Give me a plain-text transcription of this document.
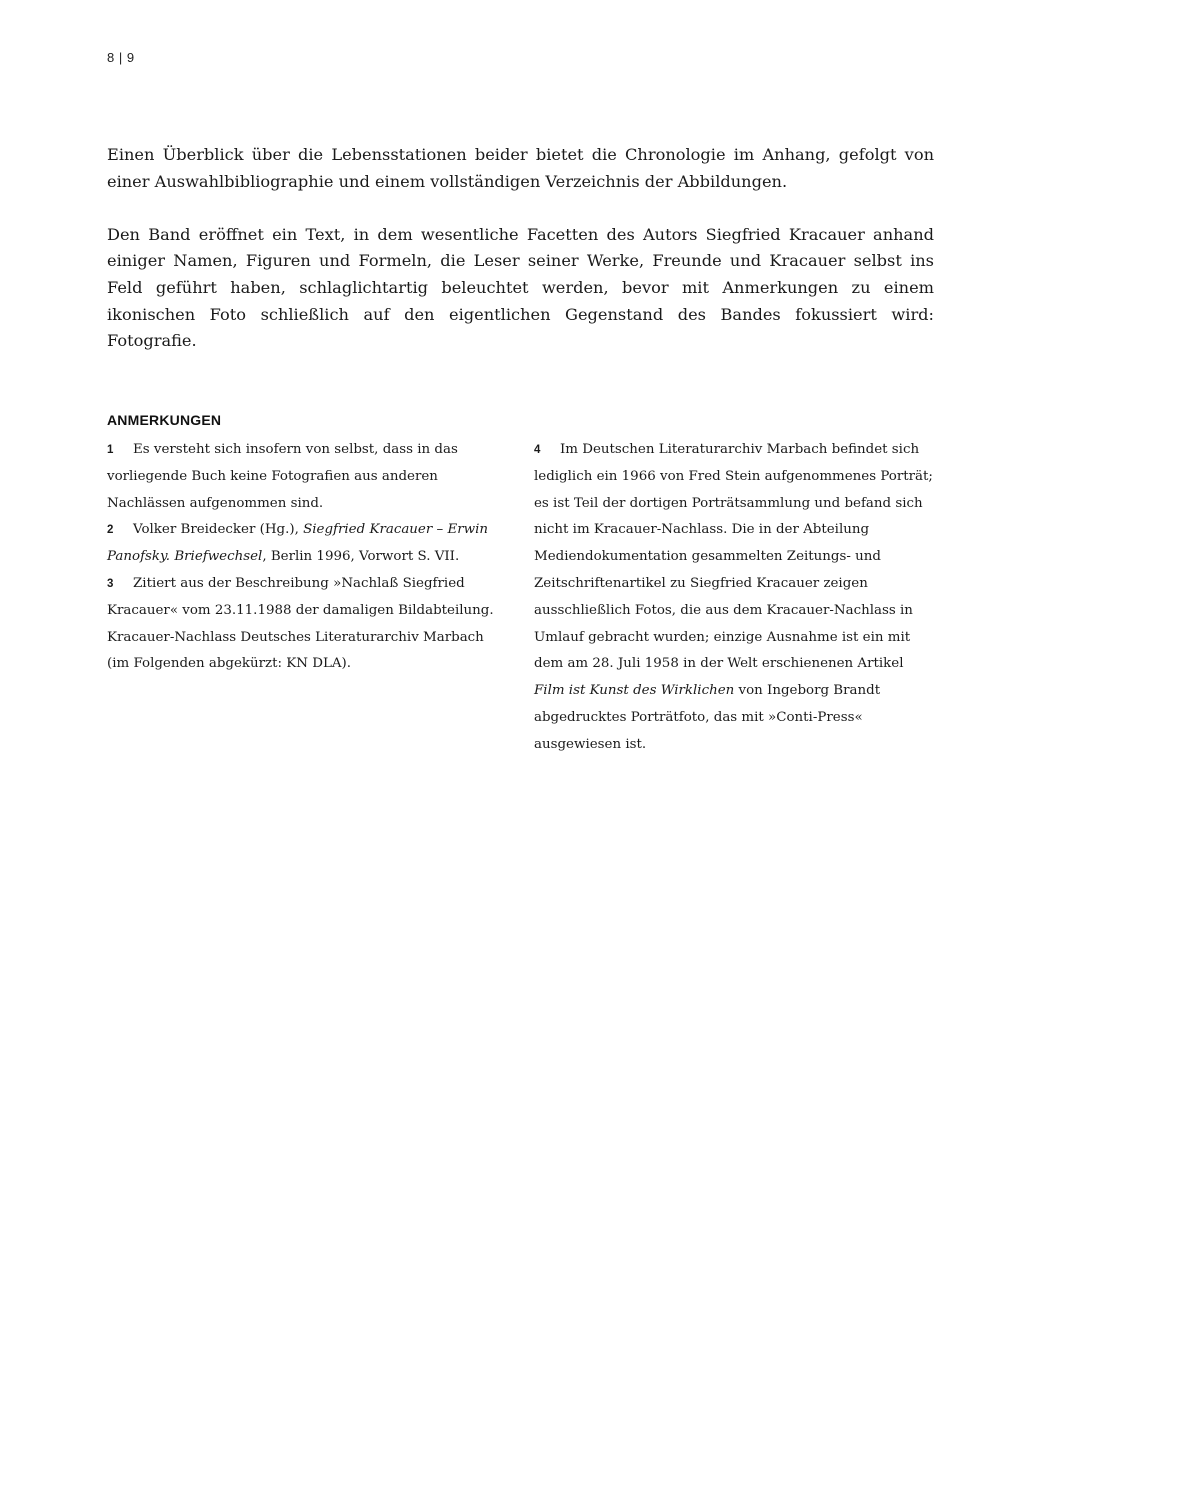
8 | 9

Einen Überblick über die Lebensstationen beider bietet die Chronologie im Anhang, gefolgt von einer Auswahlbibliographie und einem vollständigen Verzeichnis der Abbildungen.

Den Band eröffnet ein Text, in dem wesentliche Facetten des Autors Siegfried Kracauer anhand einiger Namen, Figuren und Formeln, die Leser seiner Werke, Freunde und Kracauer selbst ins Feld geführt haben, schlaglichtartig beleuchtet werden, bevor mit Anmerkungen zu einem ikonischen Foto schließlich auf den eigentlichen Gegenstand des Bandes fokussiert wird: Fotografie.

ANMERKUNGEN

1 Es versteht sich insofern von selbst, dass in das vorliegende Buch keine Fotografien aus anderen Nachlässen aufgenommen sind.

2 Volker Breidecker (Hg.), Siegfried Kracauer – Erwin Panofsky. Briefwechsel, Berlin 1996, Vorwort S. VII.

3 Zitiert aus der Beschreibung »Nachlaß Siegfried Kracauer« vom 23.11.1988 der damaligen Bildabteilung. Kracauer-Nachlass Deutsches Literaturarchiv Marbach (im Folgenden abgekürzt: KN DLA).

4 Im Deutschen Literaturarchiv Marbach befindet sich lediglich ein 1966 von Fred Stein aufgenommenes Porträt; es ist Teil der dortigen Porträtsammlung und befand sich nicht im Kracauer-Nachlass. Die in der Abteilung Mediendokumentation gesammelten Zeitungs- und Zeitschriftenartikel zu Siegfried Kracauer zeigen ausschließlich Fotos, die aus dem Kracauer-Nachlass in Umlauf gebracht wurden; einzige Ausnahme ist ein mit dem am 28. Juli 1958 in der Welt erschienenen Artikel Film ist Kunst des Wirklichen von Ingeborg Brandt abgedrucktes Porträtfoto, das mit »Conti-Press« ausgewiesen ist.
